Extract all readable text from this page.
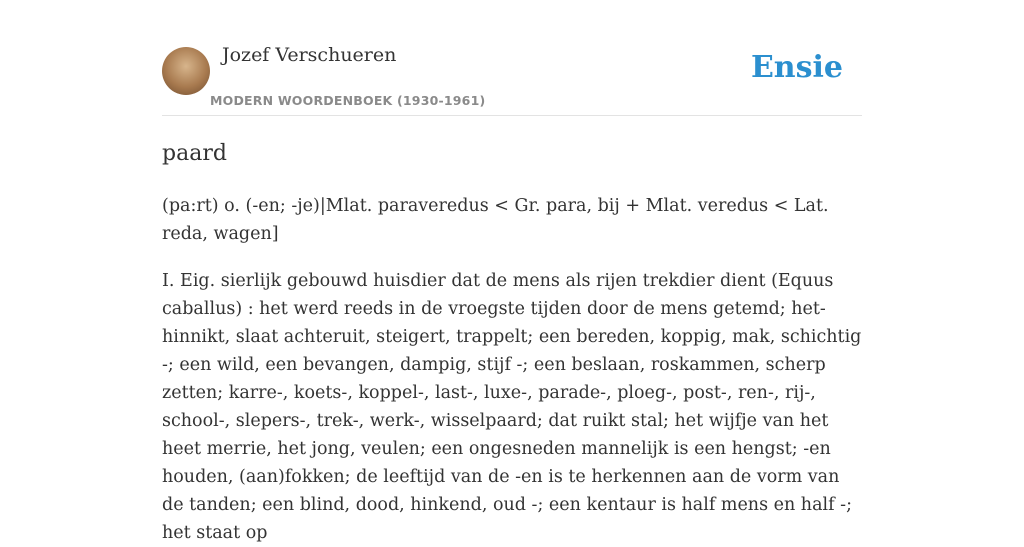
Jozef Verschueren
MODERN WOORDENBOEK (1930-1961)
Ensie
paard

(pa:rt) o. (-en; -je)|Mlat. paraveredus < Gr. para, bij + Mlat. veredus < Lat. reda, wagen]

I. Eig. sierlijk gebouwd huisdier dat de mens als rijen trekdier dient (Equus caballus) : het werd reeds in de vroegste tijden door de mens getemd; het-hinnikt, slaat achteruit, steigert, trappelt; een bereden, koppig, mak, schichtig -; een wild, een bevangen, dampig, stijf -; een beslaan, roskammen, scherp zetten; karre-, koets-, koppel-, last-, luxe-, parade-, ploeg-, post-, ren-, rij-, school-, slepers-, trek-, werk-, wisselpaard; dat ruikt stal; het wijfje van het heet merrie, het jong, veulen; een ongesneden mannelijk is een hengst; -en houden, (aan)fokken; de leeftijd van de -en is te herkennen aan de vorm van de tanden; een blind, dood, hinkend, oud -; een kentaur is half mens en half -; het staat op
